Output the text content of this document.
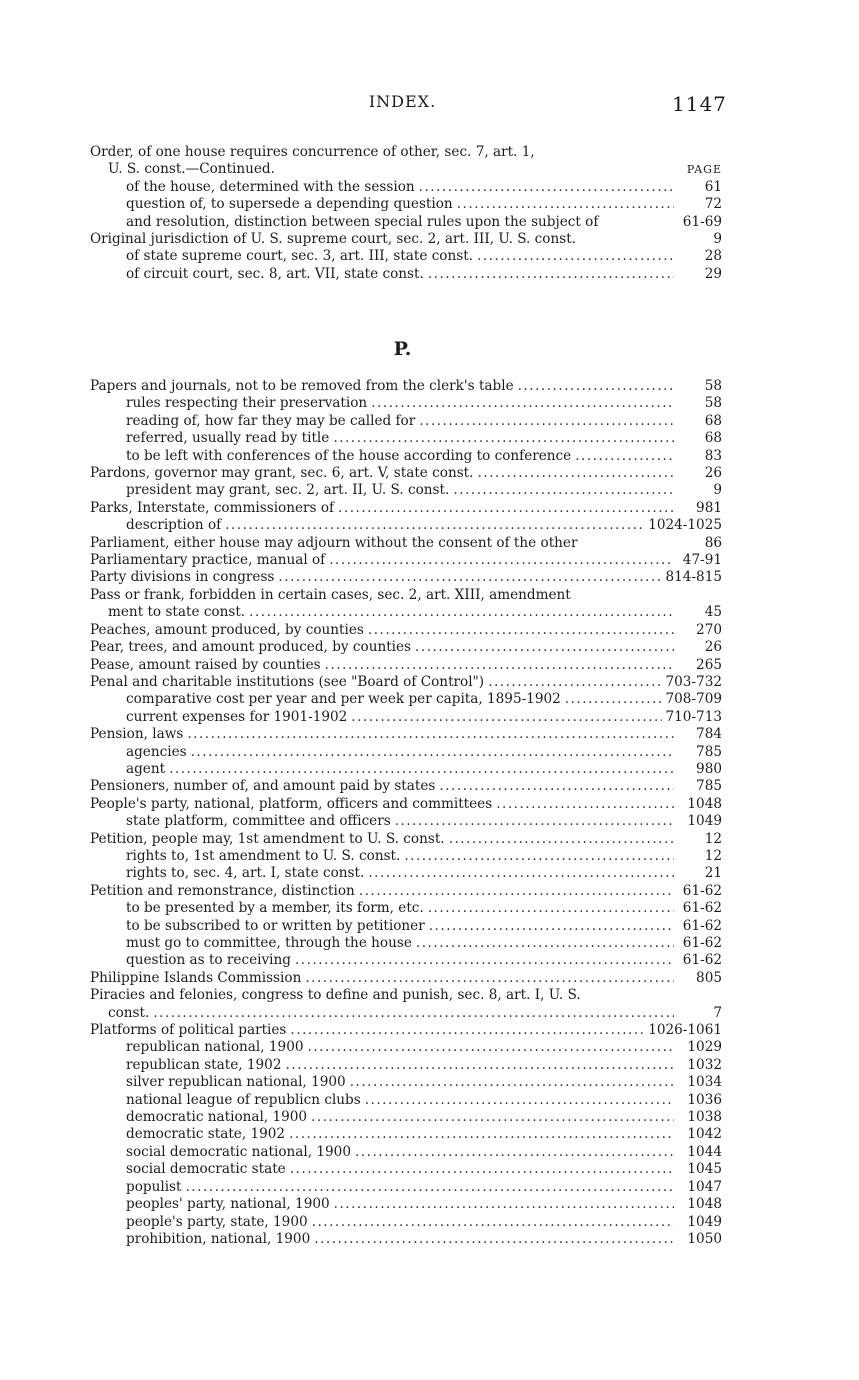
INDEX.	1147
PAGE
Order, of one house requires concurrence of other, sec. 7, art. 1,
U. S. const.—Continued.
of the house, determined with the session .....	61
question of, to supersede a depending question .....	72
and resolution, distinction between special rules upon the subject of	61-69
Original jurisdiction of U. S. supreme court, sec. 2, art. III, U. S. const.	9
of state supreme court, sec. 3, art. III, state const. .....	28
of circuit court, sec. 8, art. VII, state const. .....	29
P.
Papers and journals, not to be removed from the clerk's table .....	58
rules respecting their preservation .....	58
reading of, how far they may be called for .....	68
referred, usually read by title .....	68
to be left with conferences of the house according to conference .....	83
Pardons, governor may grant, sec. 6, art. V, state const. .....	26
president may grant, sec. 2, art. II, U. S. const. .....	9
Parks, Interstate, commissioners of .....	981
description of .....	1024-1025
Parliament, either house may adjourn without the consent of the other	86
Parliamentary practice, manual of .....	47-91
Party divisions in congress .....	814-815
Pass or frank, forbidden in certain cases, sec. 2, art. XIII, amendment
ment to state const. .....	45
Peaches, amount produced, by counties .....	270
Pear, trees, and amount produced, by counties .....	26
Pease, amount raised by counties .....	265
Penal and charitable institutions (see "Board of Control") .....	703-732
comparative cost per year and per week per capita, 1895-1902 .....	708-709
current expenses for 1901-1902 .....	710-713
Pension, laws .....	784
agencies .....	785
agent .....	980
Pensioners, number of, and amount paid by states .....	785
People's party, national, platform, officers and committees .....	1048
state platform, committee and officers .....	1049
Petition, people may, 1st amendment to U. S. const. .....	12
rights to, 1st amendment to U. S. const. .....	12
rights to, sec. 4, art. I, state const. .....	21
Petition and remonstrance, distinction .....	61-62
to be presented by a member, its form, etc. .....	61-62
to be subscribed to or written by petitioner .....	61-62
must go to committee, through the house .....	61-62
question as to receiving .....	61-62
Philippine Islands Commission .....	805
Piracies and felonies, congress to define and punish, sec. 8, art. I, U. S.
const. .....	7
Platforms of political parties .....	1026-1061
republican national, 1900 .....	1029
republican state, 1902 .....	1032
silver republican national, 1900 .....	1034
national league of republicn clubs .....	1036
democratic national, 1900 .....	1038
democratic state, 1902 .....	1042
social democratic national, 1900 .....	1044
social democratic state .....	1045
populist .....	1047
peoples' party, national, 1900 .....	1048
people's party, state, 1900 .....	1049
prohibition, national, 1900 .....	1050
